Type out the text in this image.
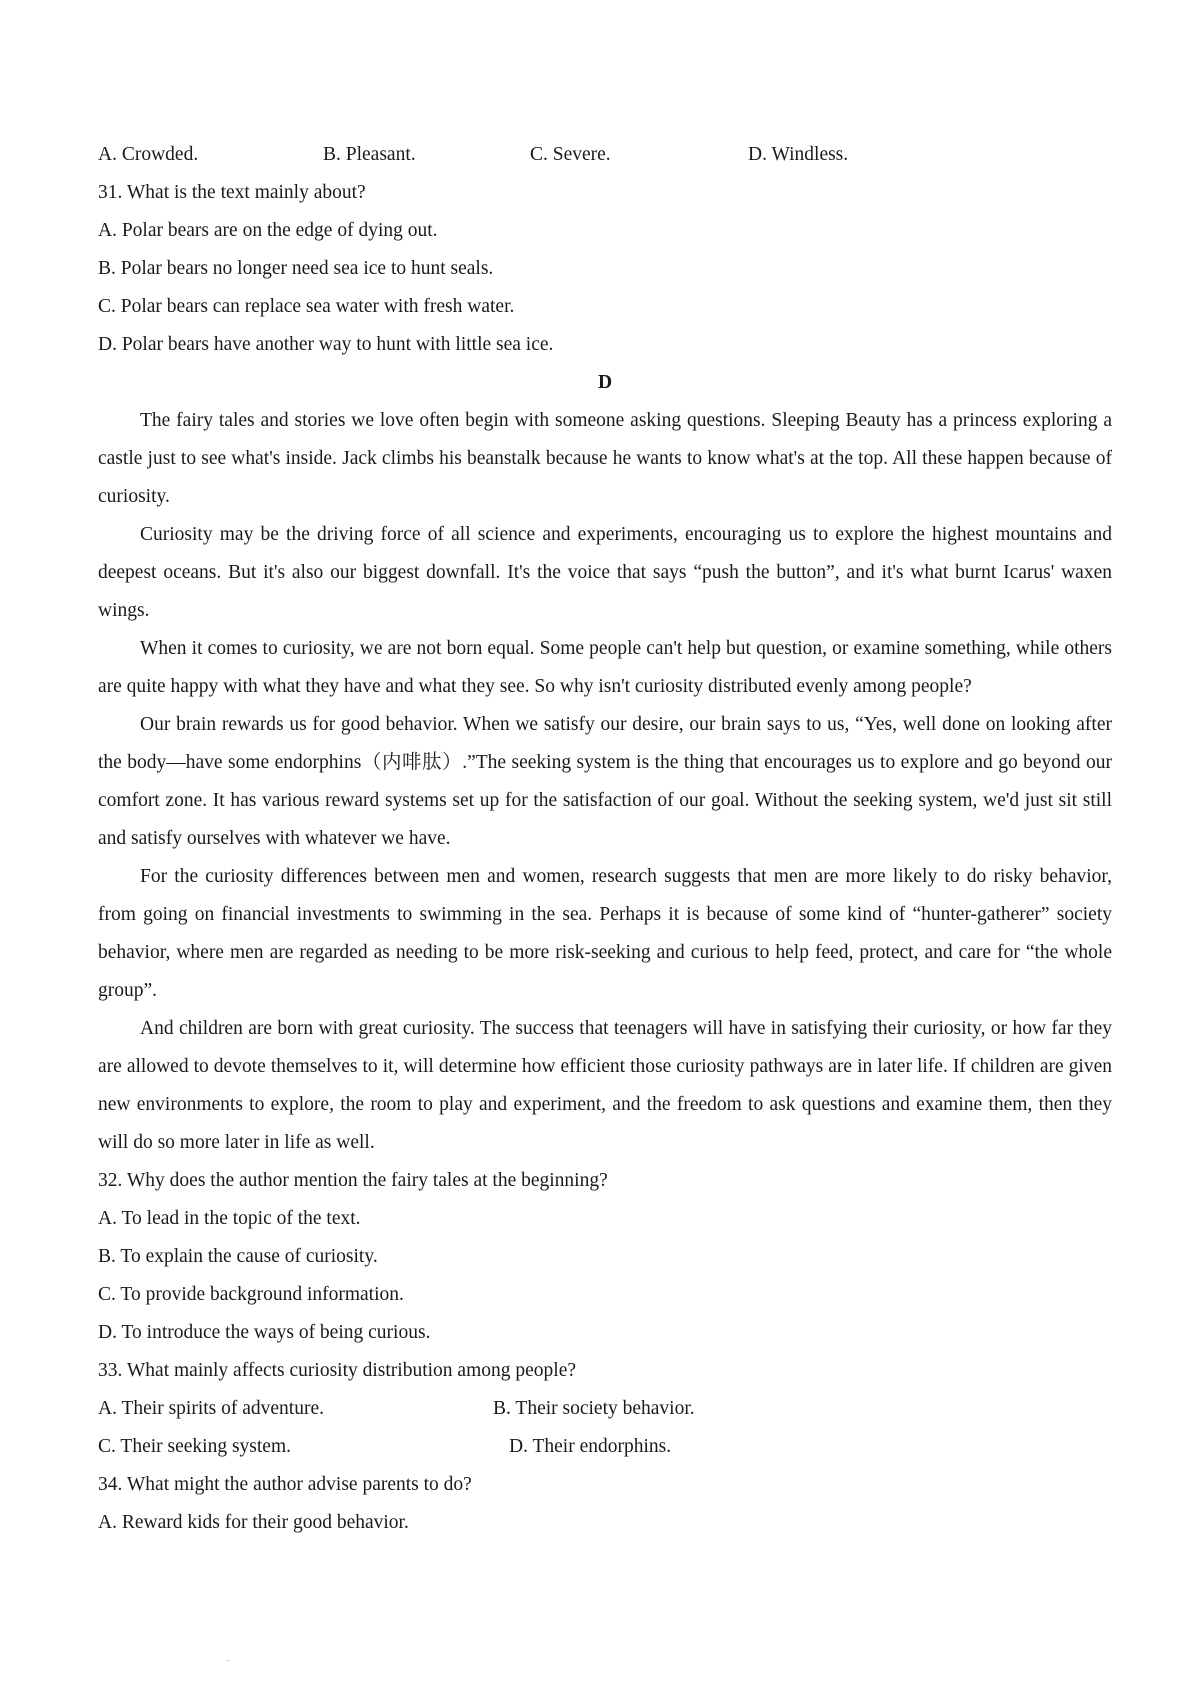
A. Crowded.	B. Pleasant.	C. Severe.	D. Windless.
31. What is the text mainly about?
A. Polar bears are on the edge of dying out.
B. Polar bears no longer need sea ice to hunt seals.
C. Polar bears can replace sea water with fresh water.
D. Polar bears have another way to hunt with little sea ice.
D
The fairy tales and stories we love often begin with someone asking questions. Sleeping Beauty has a princess exploring a castle just to see what's inside. Jack climbs his beanstalk because he wants to know what's at the top. All these happen because of curiosity.
Curiosity may be the driving force of all science and experiments, encouraging us to explore the highest mountains and deepest oceans. But it's also our biggest downfall. It's the voice that says “push the button”, and it's what burnt Icarus' waxen wings.
When it comes to curiosity, we are not born equal. Some people can't help but question, or examine something, while others are quite happy with what they have and what they see. So why isn't curiosity distributed evenly among people?
Our brain rewards us for good behavior. When we satisfy our desire, our brain says to us, “Yes, well done on looking after the body—have some endorphins（内啡肽）.”The seeking system is the thing that encourages us to explore and go beyond our comfort zone. It has various reward systems set up for the satisfaction of our goal. Without the seeking system, we'd just sit still and satisfy ourselves with whatever we have.
For the curiosity differences between men and women, research suggests that men are more likely to do risky behavior, from going on financial investments to swimming in the sea. Perhaps it is because of some kind of “hunter-gatherer” society behavior, where men are regarded as needing to be more risk-seeking and curious to help feed, protect, and care for “the whole group”.
And children are born with great curiosity. The success that teenagers will have in satisfying their curiosity, or how far they are allowed to devote themselves to it, will determine how efficient those curiosity pathways are in later life. If children are given new environments to explore, the room to play and experiment, and the freedom to ask questions and examine them, then they will do so more later in life as well.
32. Why does the author mention the fairy tales at the beginning?
A. To lead in the topic of the text.
B. To explain the cause of curiosity.
C. To provide background information.
D. To introduce the ways of being curious.
33. What mainly affects curiosity distribution among people?
A. Their spirits of adventure.	B. Their society behavior.
C. Their seeking system.	D. Their endorphins.
34. What might the author advise parents to do?
A. Reward kids for their good behavior.
